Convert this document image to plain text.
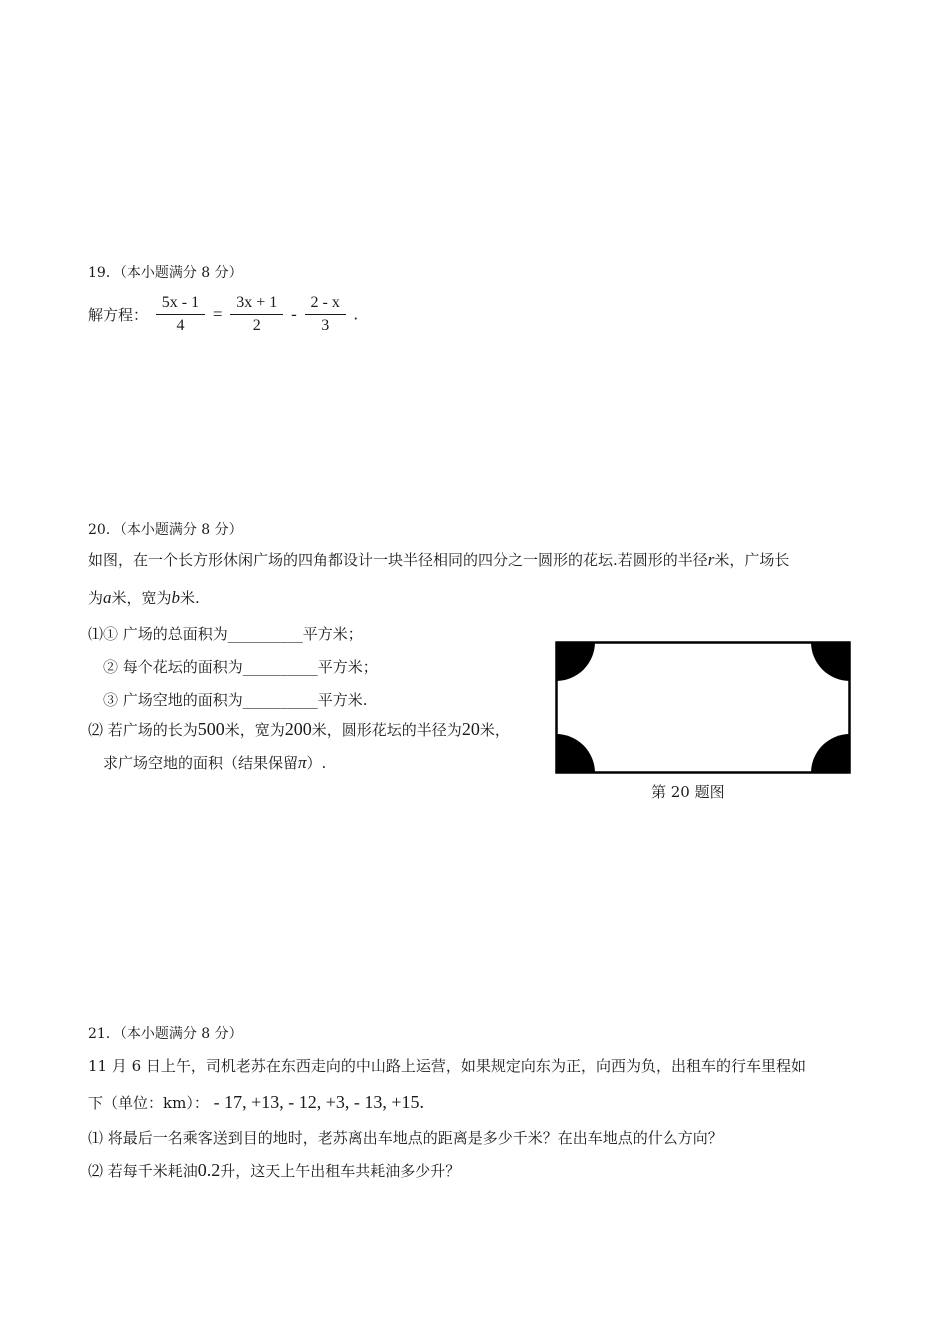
19．（本小题满分 8 分）
解方程： $\frac{5x - 1}{4} = \frac{3x + 1}{2} - \frac{2 - x}{3}$ .
20．（本小题满分 8 分）
如图，在一个长方形休闲广场的四角都设计一块半径相同的四分之一圆形的花坛.若圆形的半径r米，广场长
为a米，宽为b米.
⑴① 广场的总面积为__________平方米；
② 每个花坛的面积为__________平方米；
③ 广场空地的面积为__________平方米.
⑵ 若广场的长为500米，宽为200米，圆形花坛的半径为20米，
求广场空地的面积（结果保留π）.
第 20 题图
21．（本小题满分 8 分）
11 月 6 日上午，司机老苏在东西走向的中山路上运营，如果规定向东为正，向西为负，出租车的行车里程如
下（单位：km）： - 17, +13, - 12, +3, - 13, +15.
⑴ 将最后一名乘客送到目的地时，老苏离出车地点的距离是多少千米？在出车地点的什么方向？
⑵ 若每千米耗油0.2升，这天上午出租车共耗油多少升？
